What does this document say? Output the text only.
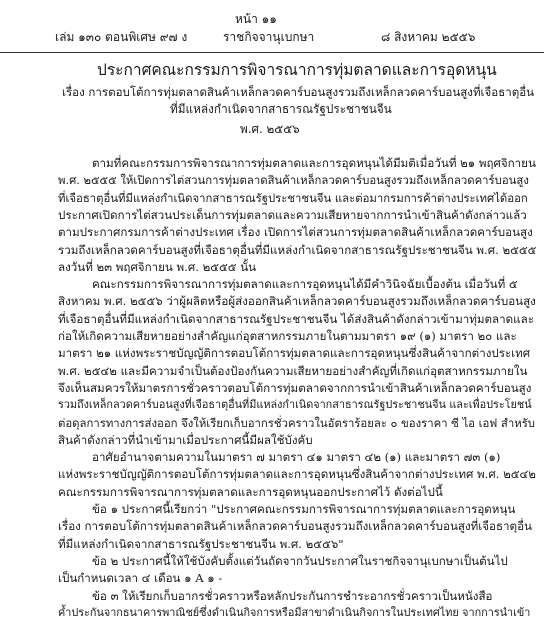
หน้า ๑๑
เล่ม ๑๓๐ ตอนพิเศษ ๙๗ ง	ราชกิจจานุเบกษา	๘ สิงหาคม ๒๕๕๖
ประกาศคณะกรรมการพิจารณาการทุ่มตลาดและการอุดหนุน
เรื่อง การตอบโต้การทุ่มตลาดสินค้าเหล็กลวดคาร์บอนสูงรวมถึงเหล็กลวดคาร์บอนสูงที่เจือธาตุอื่น
ที่มีแหล่งกำเนิดจากสาธารณรัฐประชาชนจีน
พ.ศ. ๒๕๕๖
ตามที่คณะกรรมการพิจารณาการทุ่มตลาดและการอุดหนุนได้มีมติเมื่อวันที่ ๒๑ พฤศจิกายน
พ.ศ. ๒๕๕๕ ให้เปิดการไต่สวนการทุ่มตลาดสินค้าเหล็กลวดคาร์บอนสูงรวมถึงเหล็กลวดคาร์บอนสูง
ที่เจือธาตุอื่นที่มีแหล่งกำเนิดจากสาธารณรัฐประชาชนจีน และต่อมากรมการค้าต่างประเทศได้ออก
ประกาศเปิดการไต่สวนประเด็นการทุ่มตลาดและความเสียหายจากการนำเข้าสินค้าดังกล่าวแล้ว
ตามประกาศกรมการค้าต่างประเทศ เรื่อง เปิดการไต่สวนการทุ่มตลาดสินค้าเหล็กลวดคาร์บอนสูง
รวมถึงเหล็กลวดคาร์บอนสูงที่เจือธาตุอื่นที่มีแหล่งกำเนิดจากสาธารณรัฐประชาชนจีน พ.ศ. ๒๕๕๕
ลงวันที่ ๒๓ พฤศจิกายน พ.ศ. ๒๕๕๕ นั้น
คณะกรรมการพิจารณาการทุ่มตลาดและการอุดหนุนได้มีคำวินิจฉัยเบื้องต้น เมื่อวันที่ ๕
สิงหาคม พ.ศ. ๒๕๕๖ ว่าผู้ผลิตหรือผู้ส่งออกสินค้าเหล็กลวดคาร์บอนสูงรวมถึงเหล็กลวดคาร์บอนสูง
ที่เจือธาตุอื่นที่มีแหล่งกำเนิดจากสาธารณรัฐประชาชนจีน ได้ส่งสินค้าดังกล่าวเข้ามาทุ่มตลาดและ
ก่อให้เกิดความเสียหายอย่างสำคัญแก่อุตสาหกรรมภายในตามมาตรา ๑๙ (๑) มาตรา ๒๐ และ
มาตรา ๒๑ แห่งพระราชบัญญัติการตอบโต้การทุ่มตลาดและการอุดหนุนซึ่งสินค้าจากต่างประเทศ
พ.ศ. ๒๕๔๒ และมีความจำเป็นต้องป้องกันความเสียหายอย่างสำคัญที่เกิดแก่อุตสาหกรรมภายใน
จึงเห็นสมควรให้มาตรการชั่วคราวตอบโต้การทุ่มตลาดจากการนำเข้าสินค้าเหล็กลวดคาร์บอนสูง
รวมถึงเหล็กลวดคาร์บอนสูงที่เจือธาตุอื่นที่มีแหล่งกำเนิดจากสาธารณรัฐประชาชนจีน และเพื่อประโยชน์
ต่อดุลการทางการส่งออก จึงให้เรียกเก็บอากรชั่วคราวในอัตราร้อยละ ๐ ของราคา ซี ไอ เอฟ สำหรับ
สินค้าดังกล่าวที่นำเข้ามาเมื่อประกาศนี้มีผลใช้บังคับ
อาศัยอำนาจตามความในมาตรา ๗ มาตรา ๔๑ มาตรา ๔๒ (๑) และมาตรา ๗๓ (๑)
แห่งพระราชบัญญัติการตอบโต้การทุ่มตลาดและการอุดหนุนซึ่งสินค้าจากต่างประเทศ พ.ศ. ๒๕๔๒
คณะกรรมการพิจารณาการทุ่มตลาดและการอุดหนุนออกประกาศไว้ ดังต่อไปนี้
ข้อ ๑ ประกาศนี้เรียกว่า "ประกาศคณะกรรมการพิจารณาการทุ่มตลาดและการอุดหนุน
เรื่อง การตอบโต้การทุ่มตลาดสินค้าเหล็กลวดคาร์บอนสูงรวมถึงเหล็กลวดคาร์บอนสูงที่เจือธาตุอื่น
ที่มีแหล่งกำเนิดจากสาธารณรัฐประชาชนจีน พ.ศ. ๒๕๕๖"
ข้อ ๒ ประกาศนี้ให้ใช้บังคับตั้งแต่วันถัดจากวันประกาศในราชกิจจานุเบกษาเป็นต้นไป
เป็นกำหนดเวลา ๔ เดือน ๑ A ๑ -
ข้อ ๓ ให้เรียกเก็บอากรชั่วคราวหรือหลักประกันการชำระอากรชั่วคราวเป็นหนังสือ
ค้ำประกันจากธนาคารพาณิชย์ซึ่งดำเนินกิจการหรือมีสาขาดำเนินกิจการในประเทศไทย จากการนำเข้า
